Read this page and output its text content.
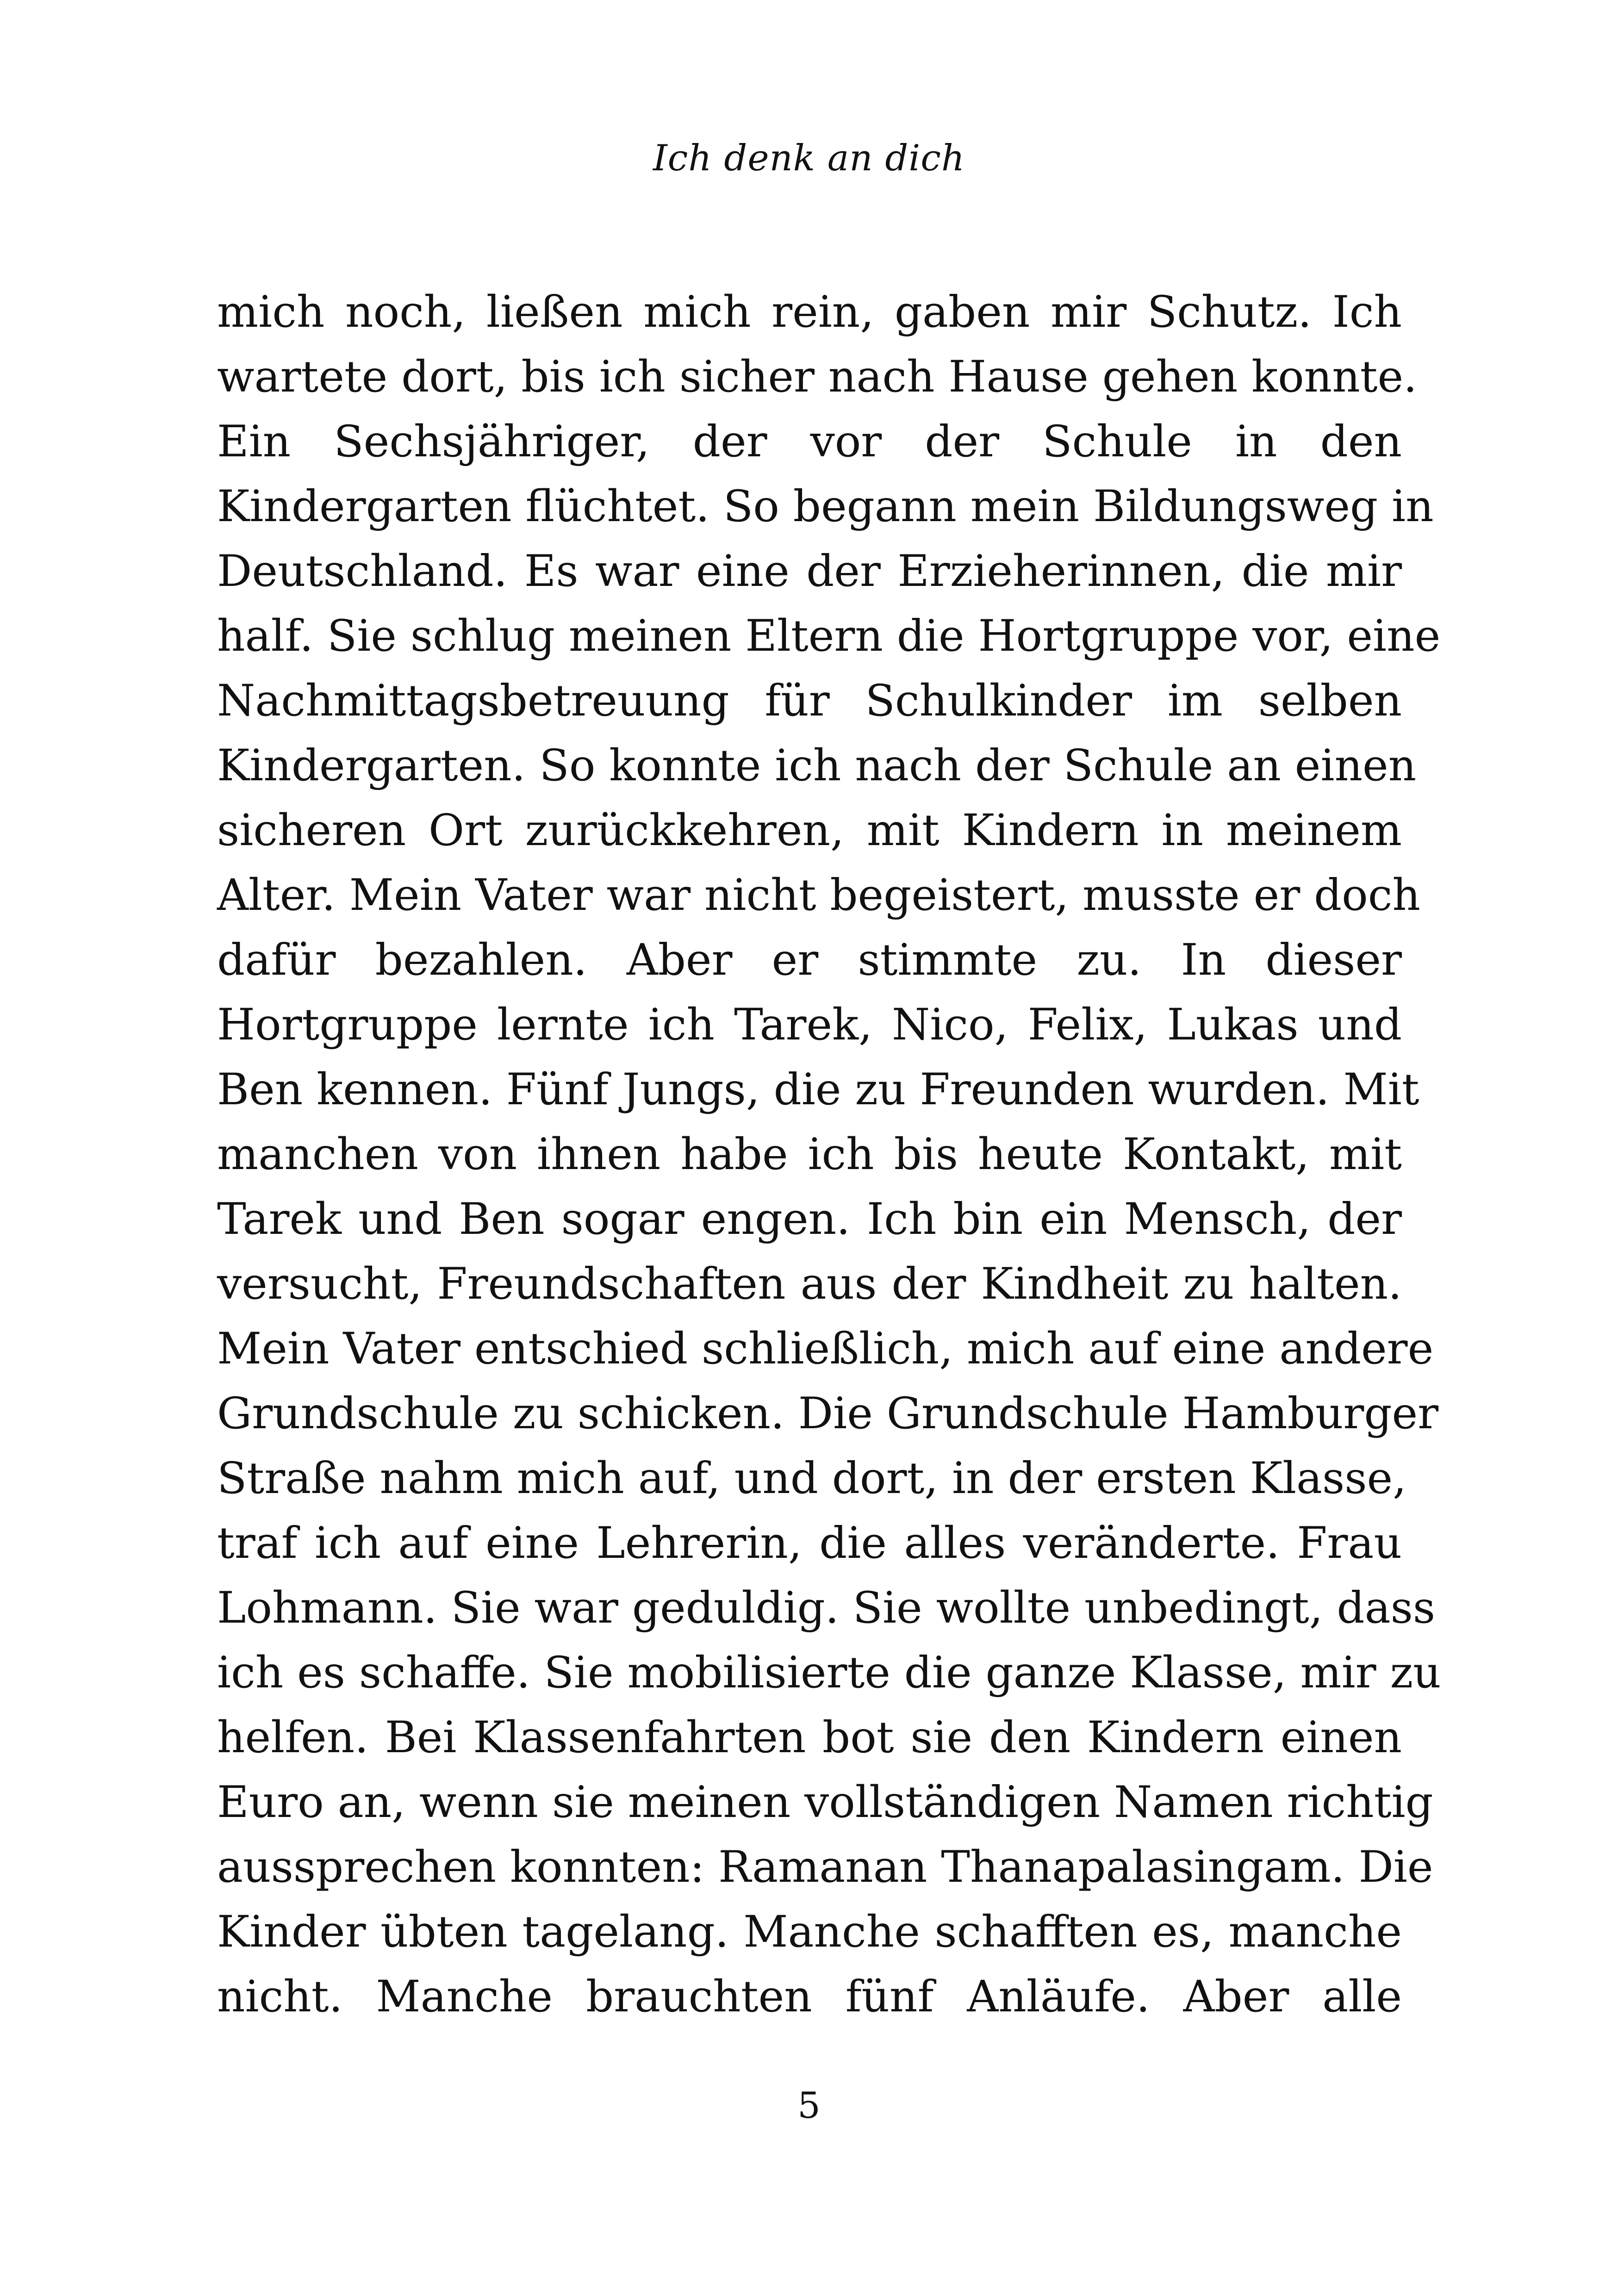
Ich denk an dich
mich noch, ließen mich rein, gaben mir Schutz. Ich
wartete dort, bis ich sicher nach Hause gehen konnte.
Ein Sechsjähriger, der vor der Schule in den
Kindergarten flüchtet. So begann mein Bildungsweg in
Deutschland. Es war eine der Erzieherinnen, die mir
half. Sie schlug meinen Eltern die Hortgruppe vor, eine
Nachmittagsbetreuung für Schulkinder im selben
Kindergarten. So konnte ich nach der Schule an einen
sicheren Ort zurückkehren, mit Kindern in meinem
Alter. Mein Vater war nicht begeistert, musste er doch
dafür bezahlen. Aber er stimmte zu. In dieser
Hortgruppe lernte ich Tarek, Nico, Felix, Lukas und
Ben kennen. Fünf Jungs, die zu Freunden wurden. Mit
manchen von ihnen habe ich bis heute Kontakt, mit
Tarek und Ben sogar engen. Ich bin ein Mensch, der
versucht, Freundschaften aus der Kindheit zu halten.
Mein Vater entschied schließlich, mich auf eine andere
Grundschule zu schicken. Die Grundschule Hamburger
Straße nahm mich auf, und dort, in der ersten Klasse,
traf ich auf eine Lehrerin, die alles veränderte. Frau
Lohmann. Sie war geduldig. Sie wollte unbedingt, dass
ich es schaffe. Sie mobilisierte die ganze Klasse, mir zu
helfen. Bei Klassenfahrten bot sie den Kindern einen
Euro an, wenn sie meinen vollständigen Namen richtig
aussprechen konnten: Ramanan Thanapalasingam. Die
Kinder übten tagelang. Manche schafften es, manche
nicht. Manche brauchten fünf Anläufe. Aber alle
5
